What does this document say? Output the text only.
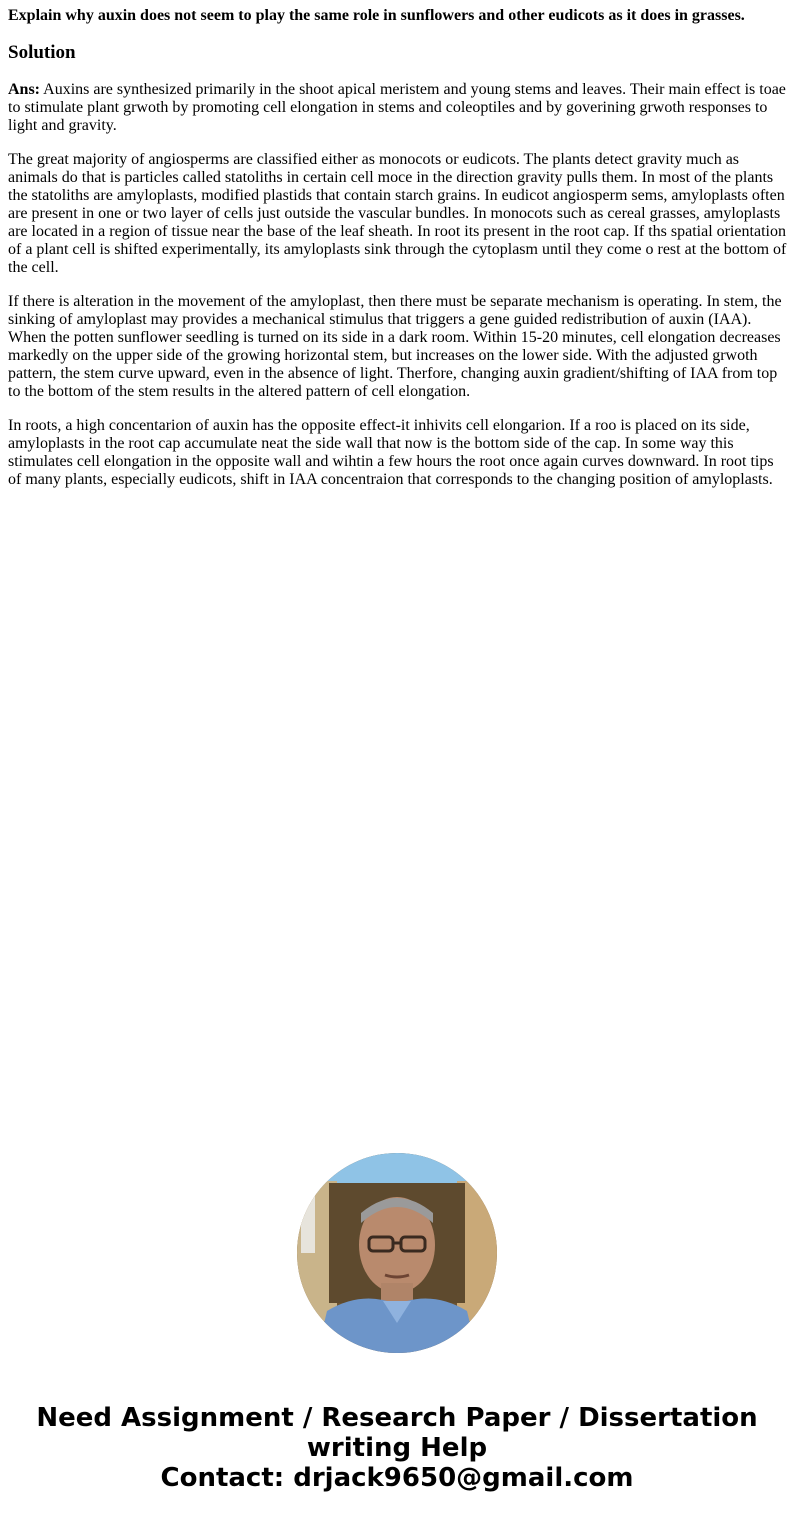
Explain why auxin does not seem to play the same role in sunflowers and other eudicots as it does in grasses.
Solution

Ans: Auxins are synthesized primarily in the shoot apical meristem and young stems and leaves. Their main effect is toae to stimulate plant grwoth by promoting cell elongation in stems and coleoptiles and by goverining grwoth responses to light and gravity.

The great majority of angiosperms are classified either as monocots or eudicots. The plants detect gravity much as animals do that is particles called statoliths in certain cell moce in the direction gravity pulls them. In most of the plants the statoliths are amyloplasts, modified plastids that contain starch grains. In eudicot angiosperm sems, amyloplasts often are present in one or two layer of cells just outside the vascular bundles. In monocots such as cereal grasses, amyloplasts are located in a region of tissue near the base of the leaf sheath. In root its present in the root cap. If ths spatial orientation of a plant cell is shifted experimentally, its amyloplasts sink through the cytoplasm until they come o rest at the bottom of the cell.

If there is alteration in the movement of the amyloplast, then there must be separate mechanism is operating. In stem, the sinking of amyloplast may provides a mechanical stimulus that triggers a gene guided redistribution of auxin (IAA). When the potten sunflower seedling is turned on its side in a dark room. Within 15-20 minutes, cell elongation decreases markedly on the upper side of the growing horizontal stem, but increases on the lower side. With the adjusted grwoth pattern, the stem curve upward, even in the absence of light. Therfore, changing auxin gradient/shifting of IAA from top to the bottom of the stem results in the altered pattern of cell elongation.

In roots, a high concentarion of auxin has the opposite effect-it inhivits cell elongarion. If a roo is placed on its side, amyloplasts in the root cap accumulate neat the side wall that now is the bottom side of the cap. In some way this stimulates cell elongation in the opposite wall and wihtin a few hours the root once again curves downward. In root tips of many plants, especially eudicots, shift in IAA concentraion that corresponds to the changing position of amyloplasts.

Need Assignment / Research Paper / Dissertation
writing Help
Contact: drjack9650@gmail.com
